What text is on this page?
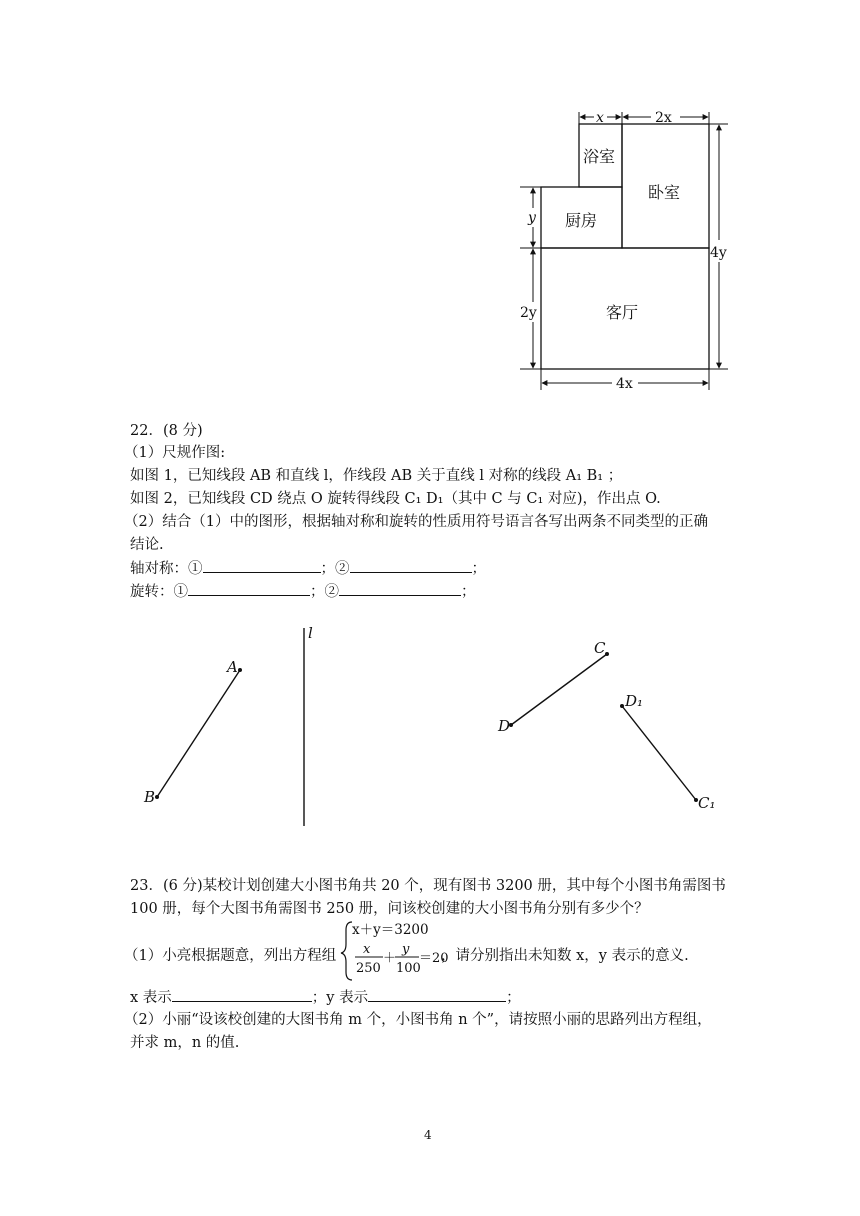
x	2x
y
2y
4y
4x
浴室
卧室
厨房
客厅
22．(8 分)
（1）尺规作图:
如图 1，已知线段 AB 和直线 l，作线段 AB 关于直线 l 对称的线段 A₁ B₁ ；
如图 2，已知线段 CD 绕点 O 旋转得线段 C₁ D₁（其中 C 与 C₁ 对应)，作出点 O.
（2）结合（1）中的图形，根据轴对称和旋转的性质用符号语言各写出两条不同类型的正确
结论.
轴对称：①	；②	；
旋转：①	；②	；
l
A
B
C
D
D₁
C₁
23．(6 分)某校计划创建大小图书角共 20 个，现有图书 3200 册，其中每个小图书角需图书
100 册，每个大图书角需图书 250 册，问该校创建的大小图书角分别有多少个？
（1）小亮根据题意，列出方程组
x＋y＝3200
x
250
＋
y
100
＝20
，请分别指出未知数 x，y 表示的意义.
x 表示	；y 表示	；
（2）小丽“设该校创建的大图书角 m 个，小图书角 n 个”，请按照小丽的思路列出方程组，
并求 m，n 的值.
4
